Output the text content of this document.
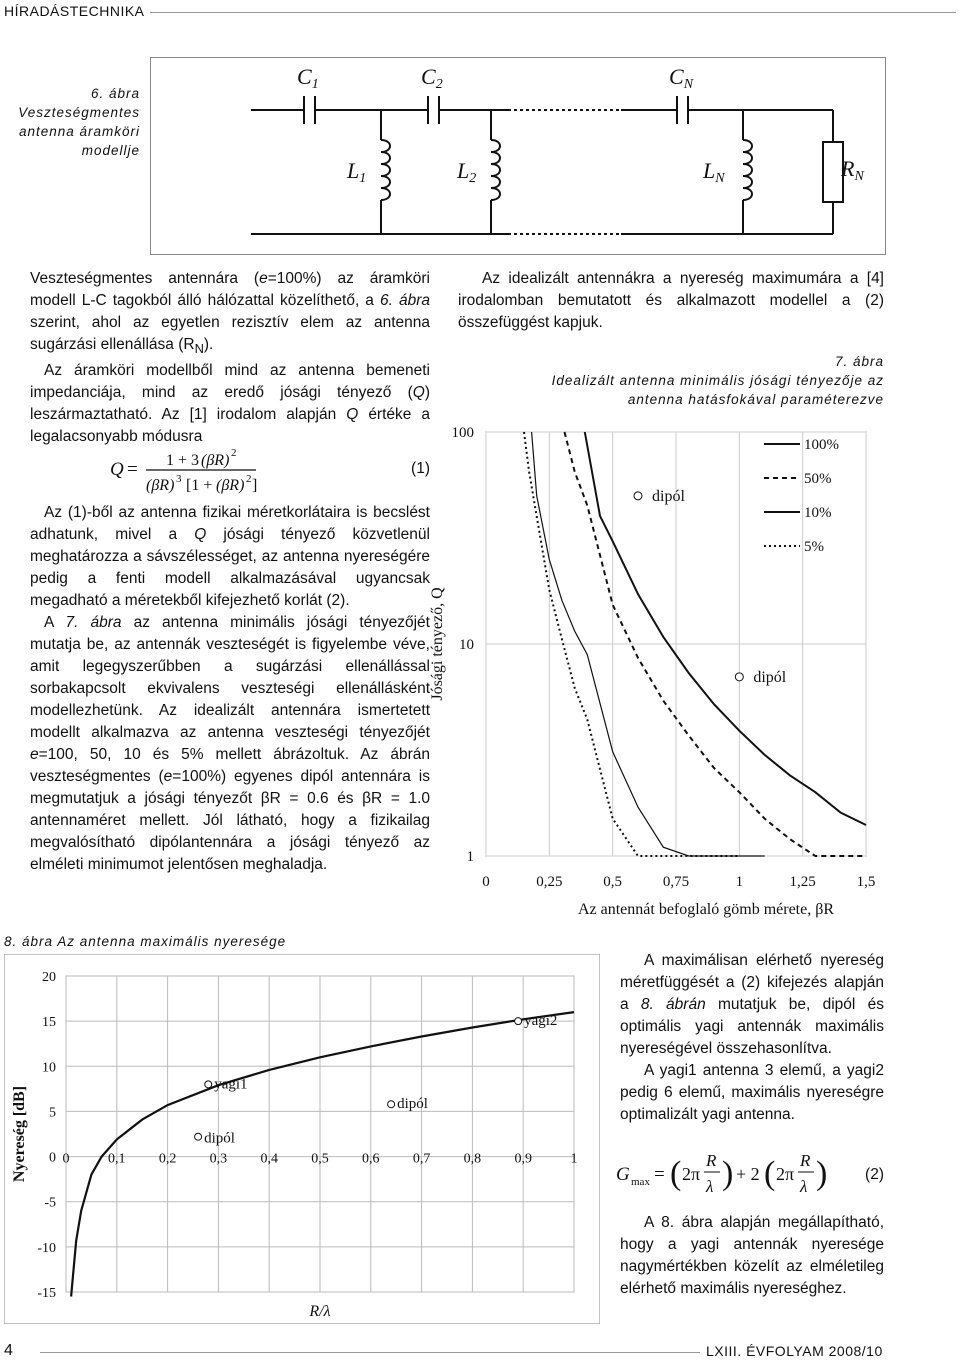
HÍRADÁSTECHNIKA
6. ábra
Veszteségmentes antenna áramköri modellje
C1	C2	CN
L1	L2	LN	RN

Veszteségmentes antennára (e=100%) az áramköri modell L-C tagokból álló hálózattal közelíthető, a 6. ábra szerint, ahol az egyetlen rezisztív elem az antenna sugárzási ellenállása $(R_N)$.

Az áramköri modellből mind az antenna bemeneti impedanciája, mind az eredő jósági tényező (Q) leszármaztatható. Az [1] irodalom alapján Q értéke a legalacsonyabb módusra

Q = 1 + 3 (βR) 2
(βR) 3 [1 + (βR) 2 ]
(1)

Az (1)-ből az antenna fizikai méretkorlátaira is becslést adhatunk, mivel a Q jósági tényező közvetlenül meghatározza a sávszélességet, az antenna nyereségére pedig a fenti modell alkalmazásával ugyancsak megadható a méretekből kifejezhető korlát (2).

A 7. ábra az antenna minimális jósági tényezőjét mutatja be, az antennák veszteségét is figyelembe véve, amit legegyszerűbben a sugárzási ellenállással sorbakapcsolt ekvivalens veszteségi ellenállásként modellezhetünk. Az idealizált antennára ismertetett modellt alkalmazva az antenna veszteségi tényezőjét e=100, 50, 10 és 5% mellett ábrázoltuk. Az ábrán veszteségmentes (e=100%) egyenes dipól antennára is megmutatjuk a jósági tényezőt βR = 0.6 és βR = 1.0 antennaméret mellett. Jól látható, hogy a fizikailag megvalósítható dipólantennára a jósági tényező az elméleti minimumot jelentősen meghaladja.

Az idealizált antennákra a nyereség maximumára a [4] irodalomban bemutatott és alkalmazott modellel a (2) összefüggést kapjuk.

7. ábra
Idealizált antenna minimális jósági tényezője az antenna hatásfokával paraméterezve
0	0,25	0,5	0,75	1	1,25	1,5
1
10
100
dipól
dipól
100%
50%
10%
5%
Az antennát befoglaló gömb mérete, βR
Jósági tényező, Q
8. ábra Az antenna maximális nyeresége
20
15
10
5
0
-5
-10
-15
0	0,1 0,2 0,3 0,4 0,5 0,6 0,7 0,8 0,9	1
yagi1
dipól
dipól
yagi2
R/λ
Nyereség [dB]

A maximálisan elérhető nyereség méretfüggését a (2) kifejezés alapján a 8. ábrán mutatjuk be, dipól és optimális yagi antennák maximális nyereségével összehasonlítva.

A yagi1 antenna 3 elemű, a yagi2 pedig 6 elemű, maximális nyereségre optimalizált yagi antenna.

G max = ( 2π
R
λ ) + 2 ( 2π
R
λ ) (2)

A 8. ábra alapján megállapítható, hogy a yagi antennák nyeresége nagymértékben közelít az elméletileg elérhető maximális nyereséghez.

4	LXIII. ÉVFOLYAM 2008/10
